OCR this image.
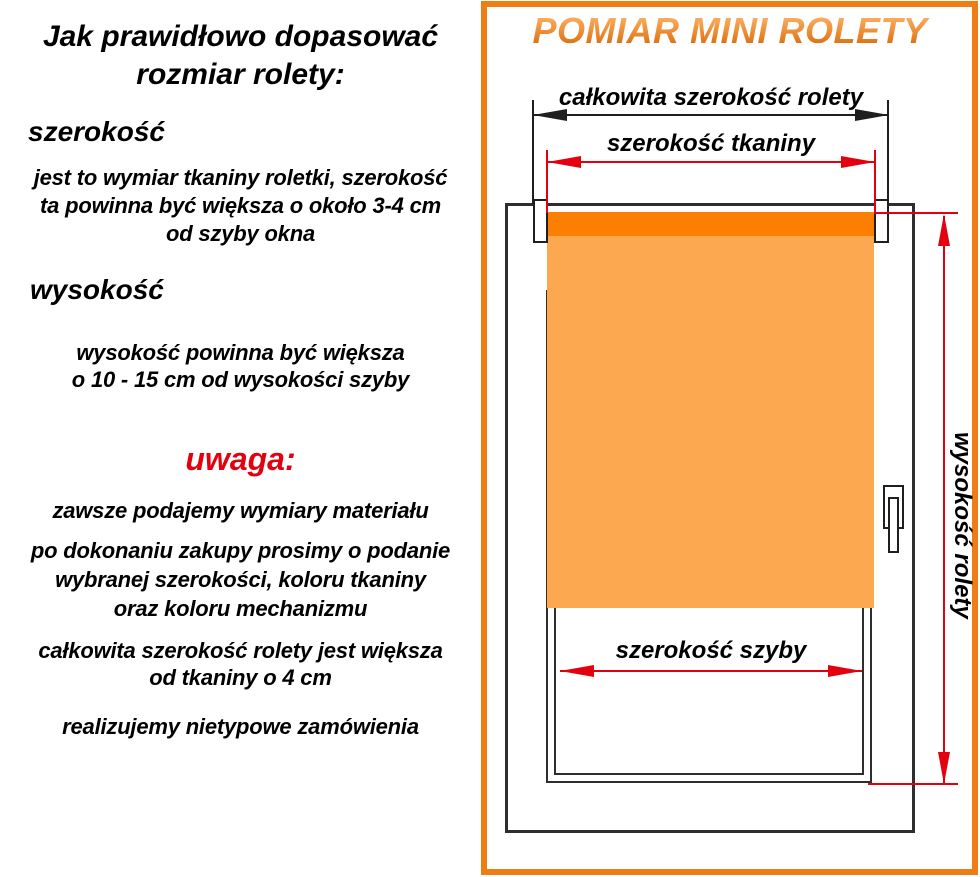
Jak prawidłowo dopasować
rozmiar rolety:
szerokość
jest to wymiar tkaniny roletki, szerokość
ta powinna być większa o około 3-4 cm
od szyby okna
wysokość
wysokość powinna być większa
o 10 - 15 cm od wysokości szyby
uwaga:
zawsze podajemy wymiary materiału
po dokonaniu zakupy prosimy o podanie
wybranej szerokości, koloru tkaniny
oraz koloru mechanizmu
całkowita szerokość rolety jest większa
od tkaniny o 4 cm
realizujemy nietypowe zamówienia
POMIAR MINI ROLETY
całkowita szerokość rolety
szerokość tkaniny
szerokość szyby
wysokość rolety
